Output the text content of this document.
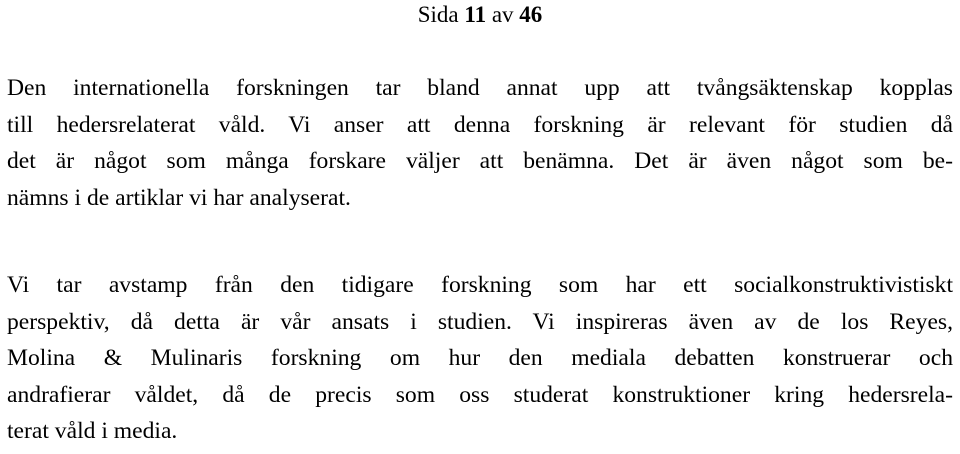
Sida 11 av 46

Den internationella forskningen tar bland annat upp att tvångsäktenskap kopplas
till hedersrelaterat våld. Vi anser att denna forskning är relevant för studien då
det är något som många forskare väljer att benämna. Det är även något som be-
nämns i de artiklar vi har analyserat.

Vi tar avstamp från den tidigare forskning som har ett socialkonstruktivistiskt
perspektiv, då detta är vår ansats i studien. Vi inspireras även av de los Reyes,
Molina & Mulinaris forskning om hur den mediala debatten konstruerar och
andrafierar våldet, då de precis som oss studerat konstruktioner kring hedersrela-
terat våld i media.
